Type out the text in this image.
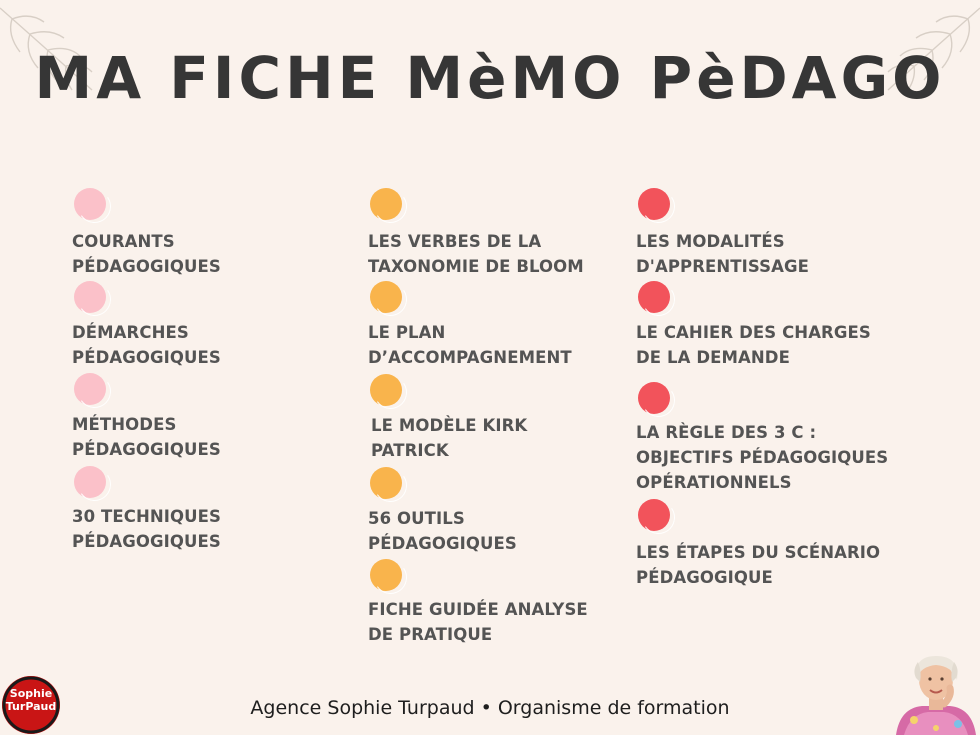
MA FICHE MèMO PèDAGO
COURANTS
PÉDAGOGIQUES
DÉMARCHES
PÉDAGOGIQUES
MÉTHODES
PÉDAGOGIQUES
30 TECHNIQUES
PÉDAGOGIQUES
LES VERBES DE LA
TAXONOMIE DE BLOOM
LE PLAN
D’ACCOMPAGNEMENT
LE MODÈLE KIRK
PATRICK
56 OUTILS
PÉDAGOGIQUES
FICHE GUIDÉE ANALYSE
DE PRATIQUE
LES MODALITÉS
D'APPRENTISSAGE
LE CAHIER DES CHARGES
DE LA DEMANDE
LA RÈGLE DES 3 C :
OBJECTIFS PÉDAGOGIQUES
OPÉRATIONNELS
LES ÉTAPES DU SCÉNARIO
PÉDAGOGIQUE
Sophie
TurPaud	Agence Sophie Turpaud • Organisme de formation
